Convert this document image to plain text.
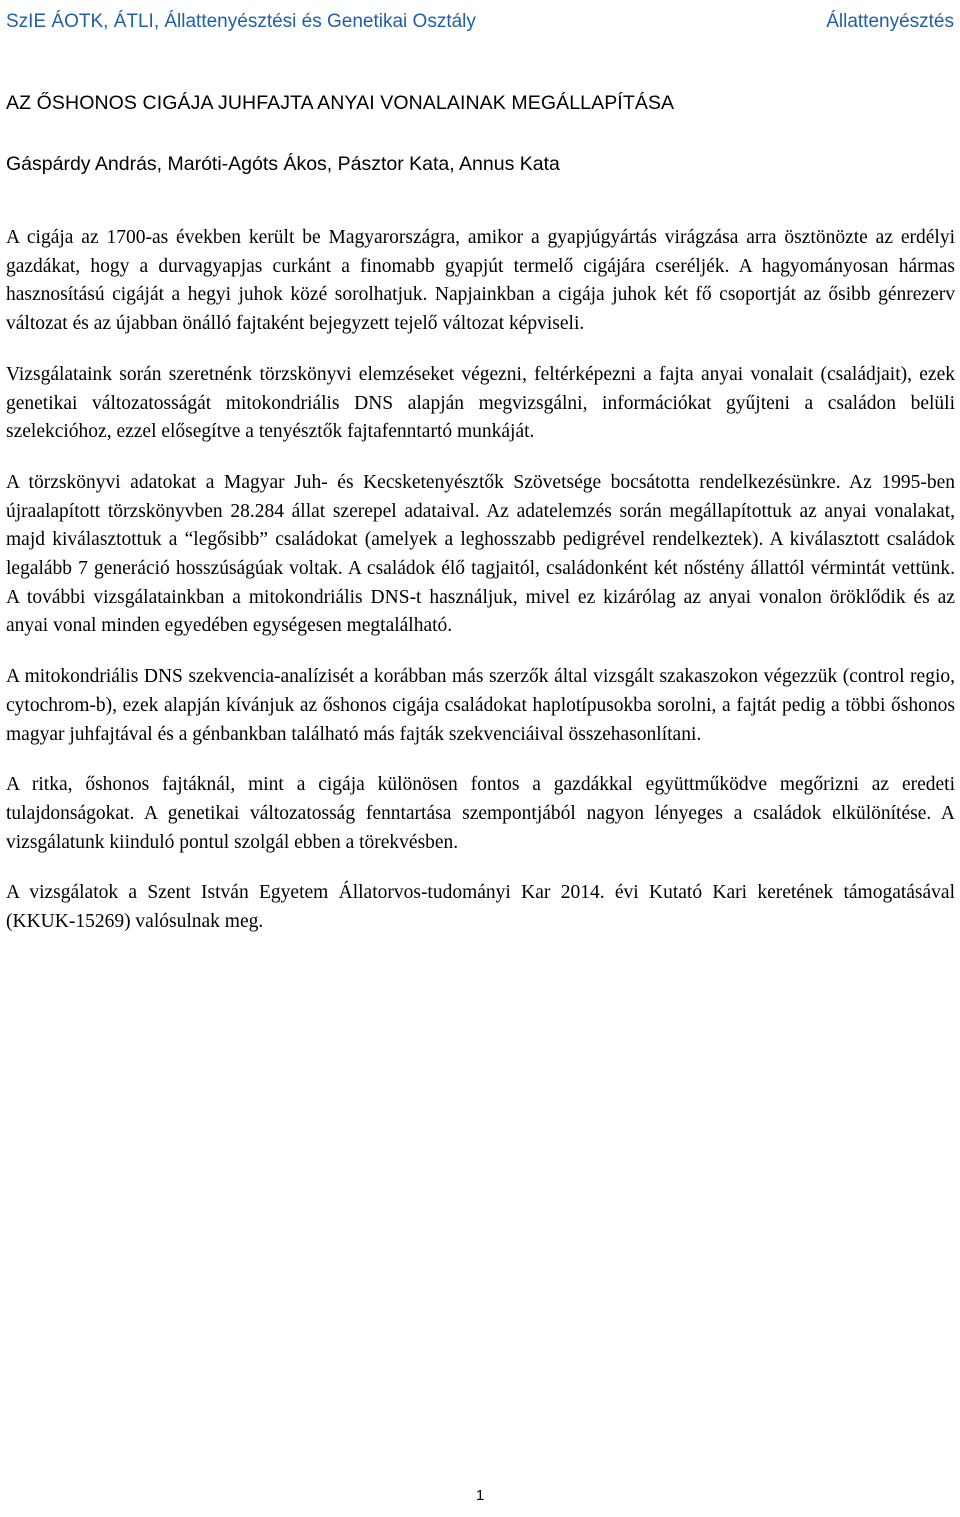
SzIE ÁOTK, ÁTLI, Állattenyésztési és Genetikai Osztály	Állattenyésztés
AZ ŐSHONOS CIGÁJA JUHFAJTA ANYAI VONALAINAK MEGÁLLAPÍTÁSA
Gáspárdy András, Maróti-Agóts Ákos, Pásztor Kata, Annus Kata

A cigája az 1700-as években került be Magyarországra, amikor a gyapjúgyártás virágzása arra ösztönözte az erdélyi gazdákat, hogy a durvagyapjas curkánt a finomabb gyapjút termelő cigájára cseréljék. A hagyományosan hármas hasznosítású cigáját a hegyi juhok közé sorolhatjuk. Napjainkban a cigája juhok két fő csoportját az ősibb génrezerv változat és az újabban önálló fajtaként bejegyzett tejelő változat képviseli.

Vizsgálataink során szeretnénk törzskönyvi elemzéseket végezni, feltérképezni a fajta anyai vonalait (családjait), ezek genetikai változatosságát mitokondriális DNS alapján megvizsgálni, információkat gyűjteni a családon belüli szelekcióhoz, ezzel elősegítve a tenyésztők fajtafenntartó munkáját.

A törzskönyvi adatokat a Magyar Juh- és Kecsketenyésztők Szövetsége bocsátotta rendelkezésünkre. Az 1995-ben újraalapított törzskönyvben 28.284 állat szerepel adataival. Az adatelemzés során megállapítottuk az anyai vonalakat, majd kiválasztottuk a “legősibb” családokat (amelyek a leghosszabb pedigrével rendelkeztek). A kiválasztott családok legalább 7 generáció hosszúságúak voltak. A családok élő tagjaitól, családonként két nőstény állattól vérmintát vettünk. A további vizsgálatainkban a mitokondriális DNS-t használjuk, mivel ez kizárólag az anyai vonalon öröklődik és az anyai vonal minden egyedében egységesen megtalálható.

A mitokondriális DNS szekvencia-analízisét a korábban más szerzők által vizsgált szakaszokon végezzük (control regio, cytochrom-b), ezek alapján kívánjuk az őshonos cigája családokat haplotípusokba sorolni, a fajtát pedig a többi őshonos magyar juhfajtával és a génbankban található más fajták szekvenciáival összehasonlítani.

A ritka, őshonos fajtáknál, mint a cigája különösen fontos a gazdákkal együttműködve megőrizni az eredeti tulajdonságokat. A genetikai változatosság fenntartása szempontjából nagyon lényeges a családok elkülönítése. A vizsgálatunk kiinduló pontul szolgál ebben a törekvésben.

A vizsgálatok a Szent István Egyetem Állatorvos-tudományi Kar 2014. évi Kutató Kari keretének támogatásával (KKUK-15269) valósulnak meg.

1
